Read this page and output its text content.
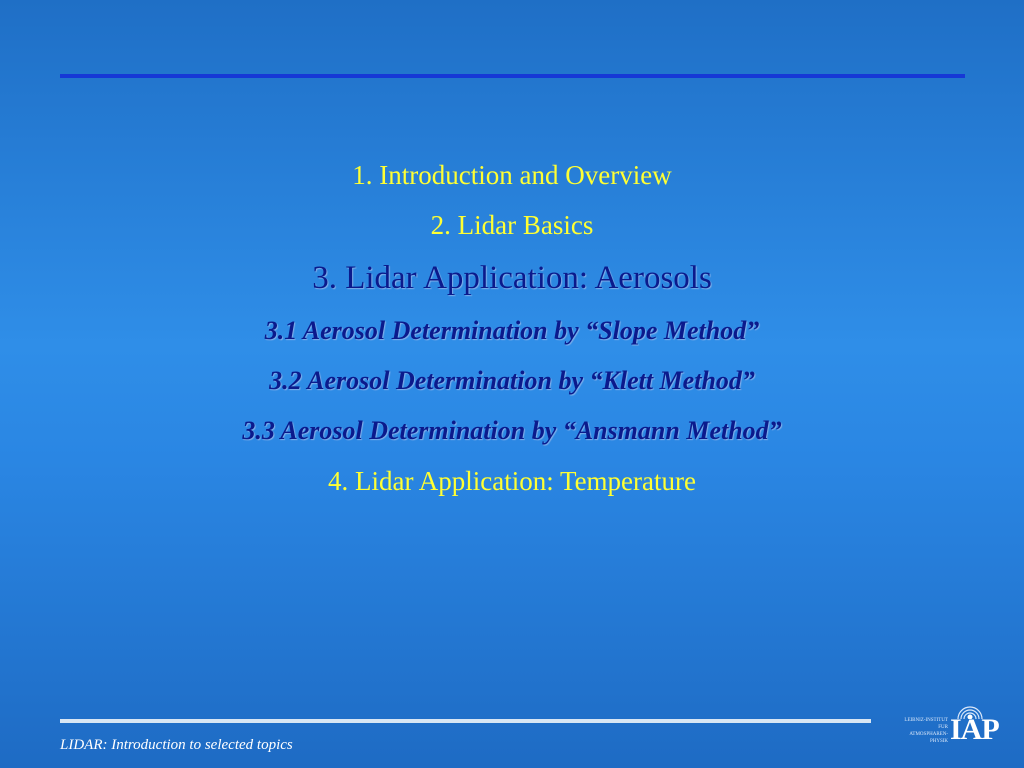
1. Introduction and Overview
2. Lidar Basics
3. Lidar Application: Aerosols
3.1 Aerosol Determination by “Slope Method”
3.2 Aerosol Determination by “Klett Method”
3.3 Aerosol Determination by “Ansmann Method”
4. Lidar Application: Temperature
LIDAR: Introduction to selected topics
LEIBNIZ-INSTITUT
FÜR
ATMOSPHÄREN-
PHYSIK IAP
